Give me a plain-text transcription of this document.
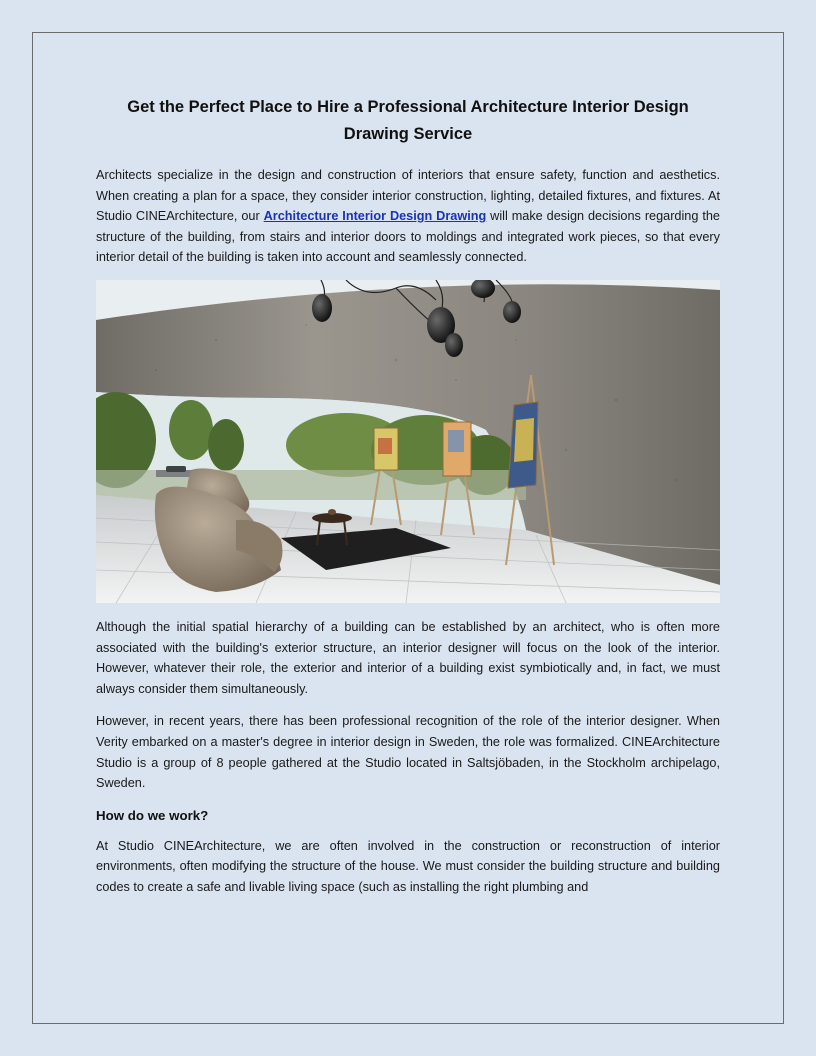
Get the Perfect Place to Hire a Professional Architecture Interior Design Drawing Service

Architects specialize in the design and construction of interiors that ensure safety, function and aesthetics. When creating a plan for a space, they consider interior construction, lighting, detailed fixtures, and fixtures. At Studio CINEArchitecture, our Architecture Interior Design Drawing will make design decisions regarding the structure of the building, from stairs and interior doors to moldings and integrated work pieces, so that every interior detail of the building is taken into account and seamlessly connected.

Although the initial spatial hierarchy of a building can be established by an architect, who is often more associated with the building's exterior structure, an interior designer will focus on the look of the interior. However, whatever their role, the exterior and interior of a building exist symbiotically and, in fact, we must always consider them simultaneously.

However, in recent years, there has been professional recognition of the role of the interior designer. When Verity embarked on a master's degree in interior design in Sweden, the role was formalized. CINEArchitecture Studio is a group of 8 people gathered at the Studio located in Saltsjöbaden, in the Stockholm archipelago, Sweden.

How do we work?

At Studio CINEArchitecture, we are often involved in the construction or reconstruction of interior environments, often modifying the structure of the house. We must consider the building structure and building codes to create a safe and livable living space (such as installing the right plumbing and
